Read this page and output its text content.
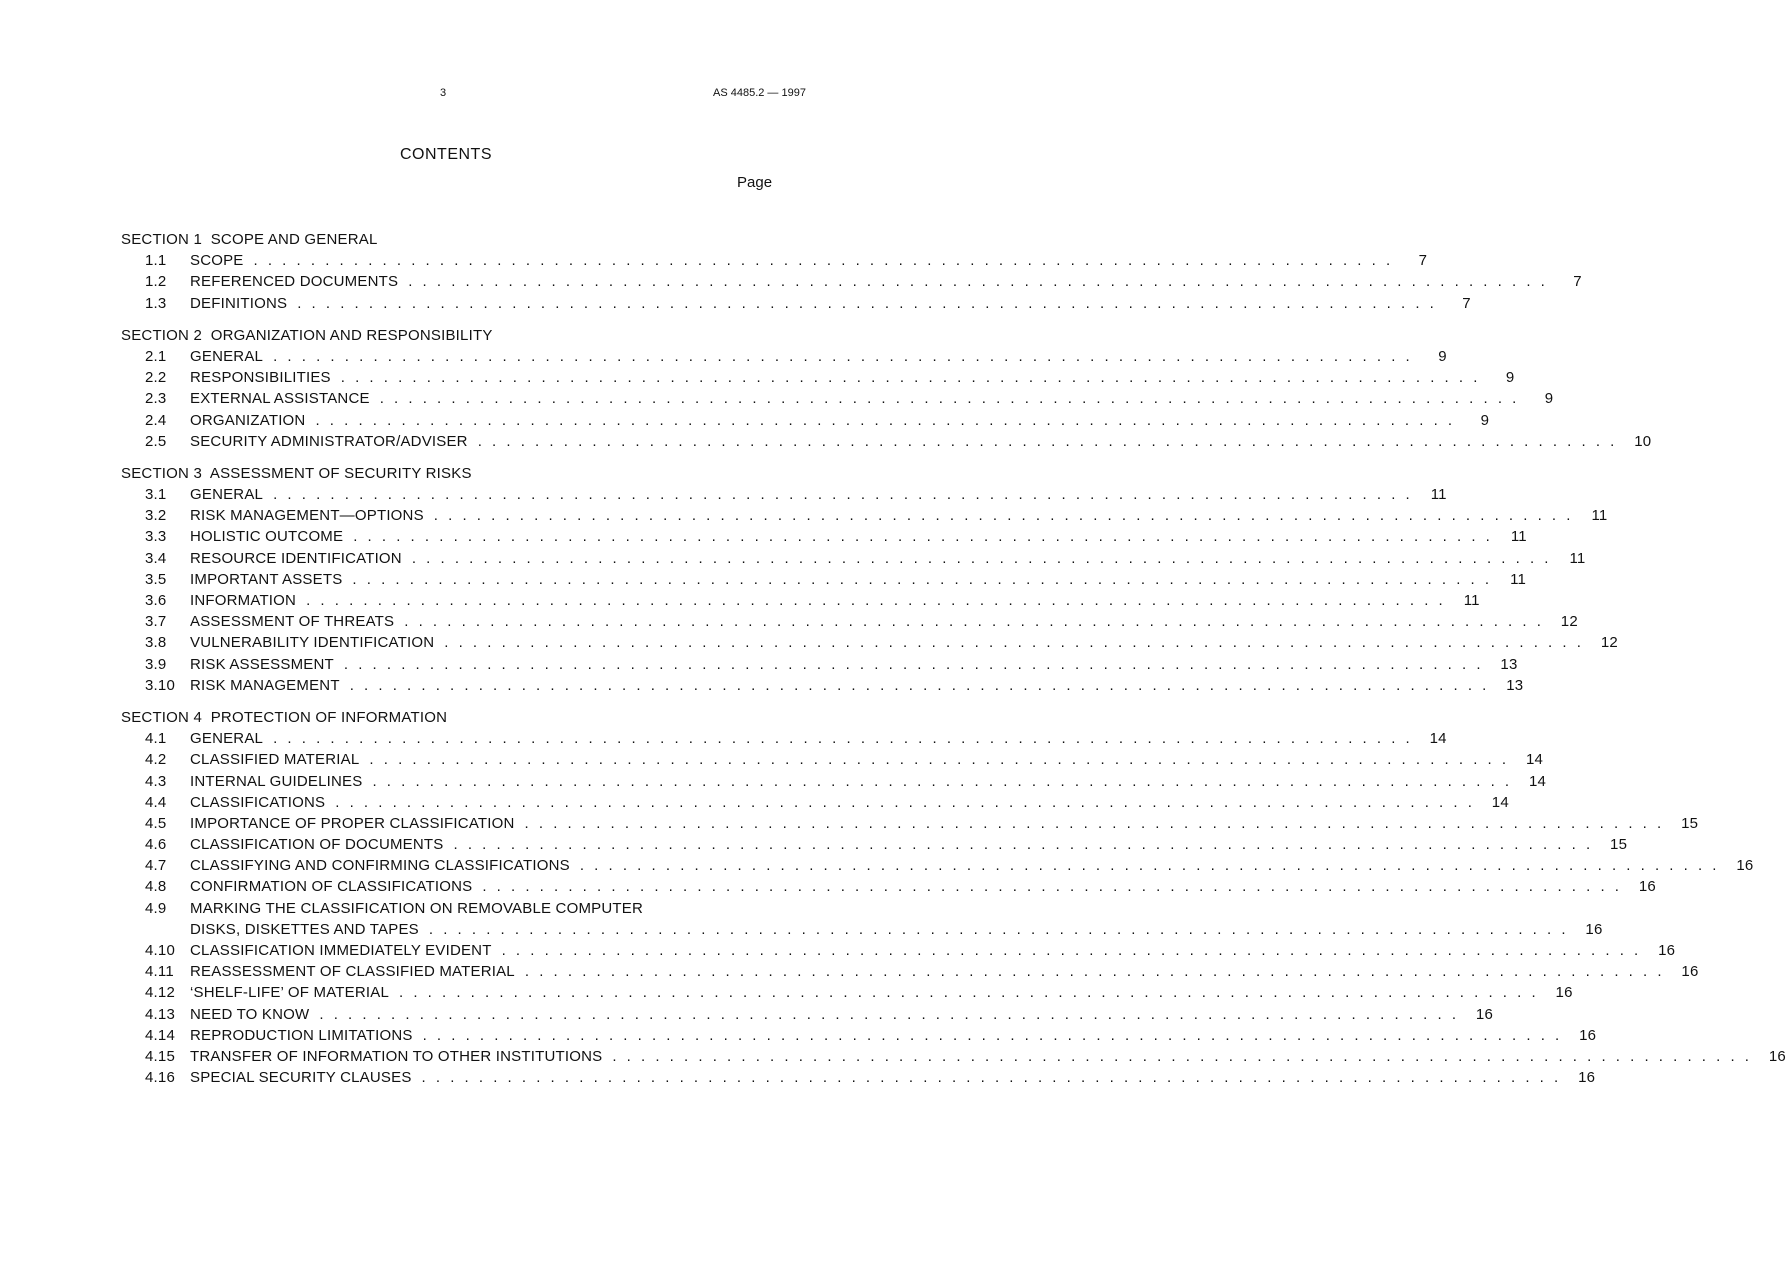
3	AS 4485.2 — 1997
CONTENTS
Page
SECTION 1  SCOPE AND GENERAL
1.1	SCOPE . . . . . . . . . . . . . . . . . . . . . . . . . . . . . . . . . . . . . . . . . . . . . . . . . . . . . . . . . . . . . . . . . . . . . . . . . . . . . . . .	7
1.2	REFERENCED DOCUMENTS . . . . . . . . . . . . . . . . . . . . . . . . . . . . . . . . . . . . . . . . . . . . . . . . . . . . . . . . . . . . . . . . . . . . . . . . . . . . . . . .	7
1.3	DEFINITIONS . . . . . . . . . . . . . . . . . . . . . . . . . . . . . . . . . . . . . . . . . . . . . . . . . . . . . . . . . . . . . . . . . . . . . . . . . . . . . . . .	7
SECTION 2  ORGANIZATION AND RESPONSIBILITY
2.1	GENERAL . . . . . . . . . . . . . . . . . . . . . . . . . . . . . . . . . . . . . . . . . . . . . . . . . . . . . . . . . . . . . . . . . . . . . . . . . . . . . . . .	9
2.2	RESPONSIBILITIES . . . . . . . . . . . . . . . . . . . . . . . . . . . . . . . . . . . . . . . . . . . . . . . . . . . . . . . . . . . . . . . . . . . . . . . . . . . . . . . .	9
2.3	EXTERNAL ASSISTANCE . . . . . . . . . . . . . . . . . . . . . . . . . . . . . . . . . . . . . . . . . . . . . . . . . . . . . . . . . . . . . . . . . . . . . . . . . . . . . . . .	9
2.4	ORGANIZATION . . . . . . . . . . . . . . . . . . . . . . . . . . . . . . . . . . . . . . . . . . . . . . . . . . . . . . . . . . . . . . . . . . . . . . . . . . . . . . . .	9
2.5	SECURITY ADMINISTRATOR/ADVISER . . . . . . . . . . . . . . . . . . . . . . . . . . . . . . . . . . . . . . . . . . . . . . . . . . . . . . . . . . . . . . . . . . . . . . . . . . . . . . . .	10
SECTION 3  ASSESSMENT OF SECURITY RISKS
3.1	GENERAL . . . . . . . . . . . . . . . . . . . . . . . . . . . . . . . . . . . . . . . . . . . . . . . . . . . . . . . . . . . . . . . . . . . . . . . . . . . . . . . .	11
3.2	RISK MANAGEMENT—OPTIONS . . . . . . . . . . . . . . . . . . . . . . . . . . . . . . . . . . . . . . . . . . . . . . . . . . . . . . . . . . . . . . . . . . . . . . . . . . . . . . . .	11
3.3	HOLISTIC OUTCOME . . . . . . . . . . . . . . . . . . . . . . . . . . . . . . . . . . . . . . . . . . . . . . . . . . . . . . . . . . . . . . . . . . . . . . . . . . . . . . . .	11
3.4	RESOURCE IDENTIFICATION . . . . . . . . . . . . . . . . . . . . . . . . . . . . . . . . . . . . . . . . . . . . . . . . . . . . . . . . . . . . . . . . . . . . . . . . . . . . . . . .	11
3.5	IMPORTANT ASSETS . . . . . . . . . . . . . . . . . . . . . . . . . . . . . . . . . . . . . . . . . . . . . . . . . . . . . . . . . . . . . . . . . . . . . . . . . . . . . . . .	11
3.6	INFORMATION . . . . . . . . . . . . . . . . . . . . . . . . . . . . . . . . . . . . . . . . . . . . . . . . . . . . . . . . . . . . . . . . . . . . . . . . . . . . . . . .	11
3.7	ASSESSMENT OF THREATS . . . . . . . . . . . . . . . . . . . . . . . . . . . . . . . . . . . . . . . . . . . . . . . . . . . . . . . . . . . . . . . . . . . . . . . . . . . . . . . .	12
3.8	VULNERABILITY IDENTIFICATION . . . . . . . . . . . . . . . . . . . . . . . . . . . . . . . . . . . . . . . . . . . . . . . . . . . . . . . . . . . . . . . . . . . . . . . . . . . . . . . .	12
3.9	RISK ASSESSMENT . . . . . . . . . . . . . . . . . . . . . . . . . . . . . . . . . . . . . . . . . . . . . . . . . . . . . . . . . . . . . . . . . . . . . . . . . . . . . . . .	13
3.10	RISK MANAGEMENT . . . . . . . . . . . . . . . . . . . . . . . . . . . . . . . . . . . . . . . . . . . . . . . . . . . . . . . . . . . . . . . . . . . . . . . . . . . . . . . .	13
SECTION 4  PROTECTION OF INFORMATION
4.1	GENERAL . . . . . . . . . . . . . . . . . . . . . . . . . . . . . . . . . . . . . . . . . . . . . . . . . . . . . . . . . . . . . . . . . . . . . . . . . . . . . . . .	14
4.2	CLASSIFIED MATERIAL . . . . . . . . . . . . . . . . . . . . . . . . . . . . . . . . . . . . . . . . . . . . . . . . . . . . . . . . . . . . . . . . . . . . . . . . . . . . . . . .	14
4.3	INTERNAL GUIDELINES . . . . . . . . . . . . . . . . . . . . . . . . . . . . . . . . . . . . . . . . . . . . . . . . . . . . . . . . . . . . . . . . . . . . . . . . . . . . . . . .	14
4.4	CLASSIFICATIONS . . . . . . . . . . . . . . . . . . . . . . . . . . . . . . . . . . . . . . . . . . . . . . . . . . . . . . . . . . . . . . . . . . . . . . . . . . . . . . . .	14
4.5	IMPORTANCE OF PROPER CLASSIFICATION . . . . . . . . . . . . . . . . . . . . . . . . . . . . . . . . . . . . . . . . . . . . . . . . . . . . . . . . . . . . . . . . . . . . . . . . . . . . . . . .	15
4.6	CLASSIFICATION OF DOCUMENTS . . . . . . . . . . . . . . . . . . . . . . . . . . . . . . . . . . . . . . . . . . . . . . . . . . . . . . . . . . . . . . . . . . . . . . . . . . . . . . . .	15
4.7	CLASSIFYING AND CONFIRMING CLASSIFICATIONS . . . . . . . . . . . . . . . . . . . . . . . . . . . . . . . . . . . . . . . . . . . . . . . . . . . . . . . . . . . . . . . . . . . . . . . . . . . . . . . .	16
4.8	CONFIRMATION OF CLASSIFICATIONS . . . . . . . . . . . . . . . . . . . . . . . . . . . . . . . . . . . . . . . . . . . . . . . . . . . . . . . . . . . . . . . . . . . . . . . . . . . . . . . .	16
4.9	MARKING THE CLASSIFICATION ON REMOVABLE COMPUTER
DISKS, DISKETTES AND TAPES . . . . . . . . . . . . . . . . . . . . . . . . . . . . . . . . . . . . . . . . . . . . . . . . . . . . . . . . . . . . . . . . . . . . . . . . . . . . . . . .	16
4.10	CLASSIFICATION IMMEDIATELY EVIDENT . . . . . . . . . . . . . . . . . . . . . . . . . . . . . . . . . . . . . . . . . . . . . . . . . . . . . . . . . . . . . . . . . . . . . . . . . . . . . . . .	16
4.11	REASSESSMENT OF CLASSIFIED MATERIAL . . . . . . . . . . . . . . . . . . . . . . . . . . . . . . . . . . . . . . . . . . . . . . . . . . . . . . . . . . . . . . . . . . . . . . . . . . . . . . . .	16
4.12	‘SHELF-LIFE’ OF MATERIAL . . . . . . . . . . . . . . . . . . . . . . . . . . . . . . . . . . . . . . . . . . . . . . . . . . . . . . . . . . . . . . . . . . . . . . . . . . . . . . . .	16
4.13	NEED TO KNOW . . . . . . . . . . . . . . . . . . . . . . . . . . . . . . . . . . . . . . . . . . . . . . . . . . . . . . . . . . . . . . . . . . . . . . . . . . . . . . . .	16
4.14	REPRODUCTION LIMITATIONS . . . . . . . . . . . . . . . . . . . . . . . . . . . . . . . . . . . . . . . . . . . . . . . . . . . . . . . . . . . . . . . . . . . . . . . . . . . . . . . .	16
4.15	TRANSFER OF INFORMATION TO OTHER INSTITUTIONS . . . . . . . . . . . . . . . . . . . . . . . . . . . . . . . . . . . . . . . . . . . . . . . . . . . . . . . . . . . . . . . . . . . . . . . . . . . . . . . .	16
4.16	SPECIAL SECURITY CLAUSES . . . . . . . . . . . . . . . . . . . . . . . . . . . . . . . . . . . . . . . . . . . . . . . . . . . . . . . . . . . . . . . . . . . . . . . . . . . . . . . .	16
